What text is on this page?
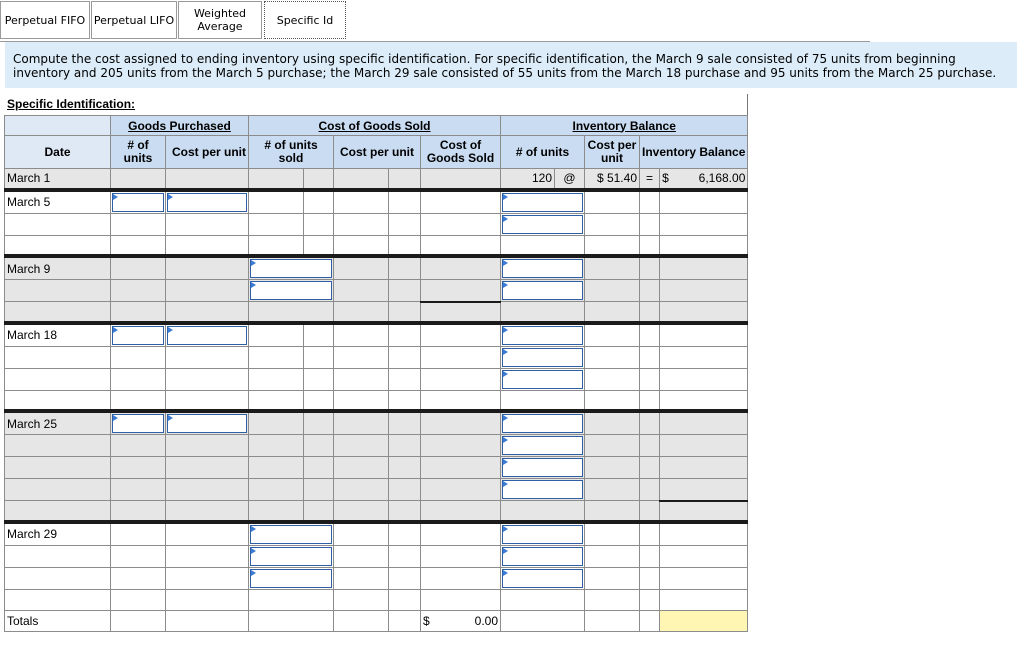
Perpetual FIFO Perpetual LIFO Weighted
Average	Specific Id
Compute the cost assigned to ending inventory using specific identification. For specific identification, the March 9 sale consisted of 75 units from beginning inventory and 205 units from the March 5 purchase; the March 29 sale consisted of 55 units from the March 18 purchase and 95 units from the March 25 purchase.
Specific Identification:
	Goods Purchased		Cost of Goods Sold					Inventory Balance				
Date	# of units	Cost per unit	# of units sold		Cost per unit		Cost of Goods Sold	# of units		Cost per unit	Inventory Balance	
March 1								120	@	$ 51.40	=	$ 6,168.00

March 5		

March 9					

March 18		

March 25		

March 29					

Totals							$ 0.00					
